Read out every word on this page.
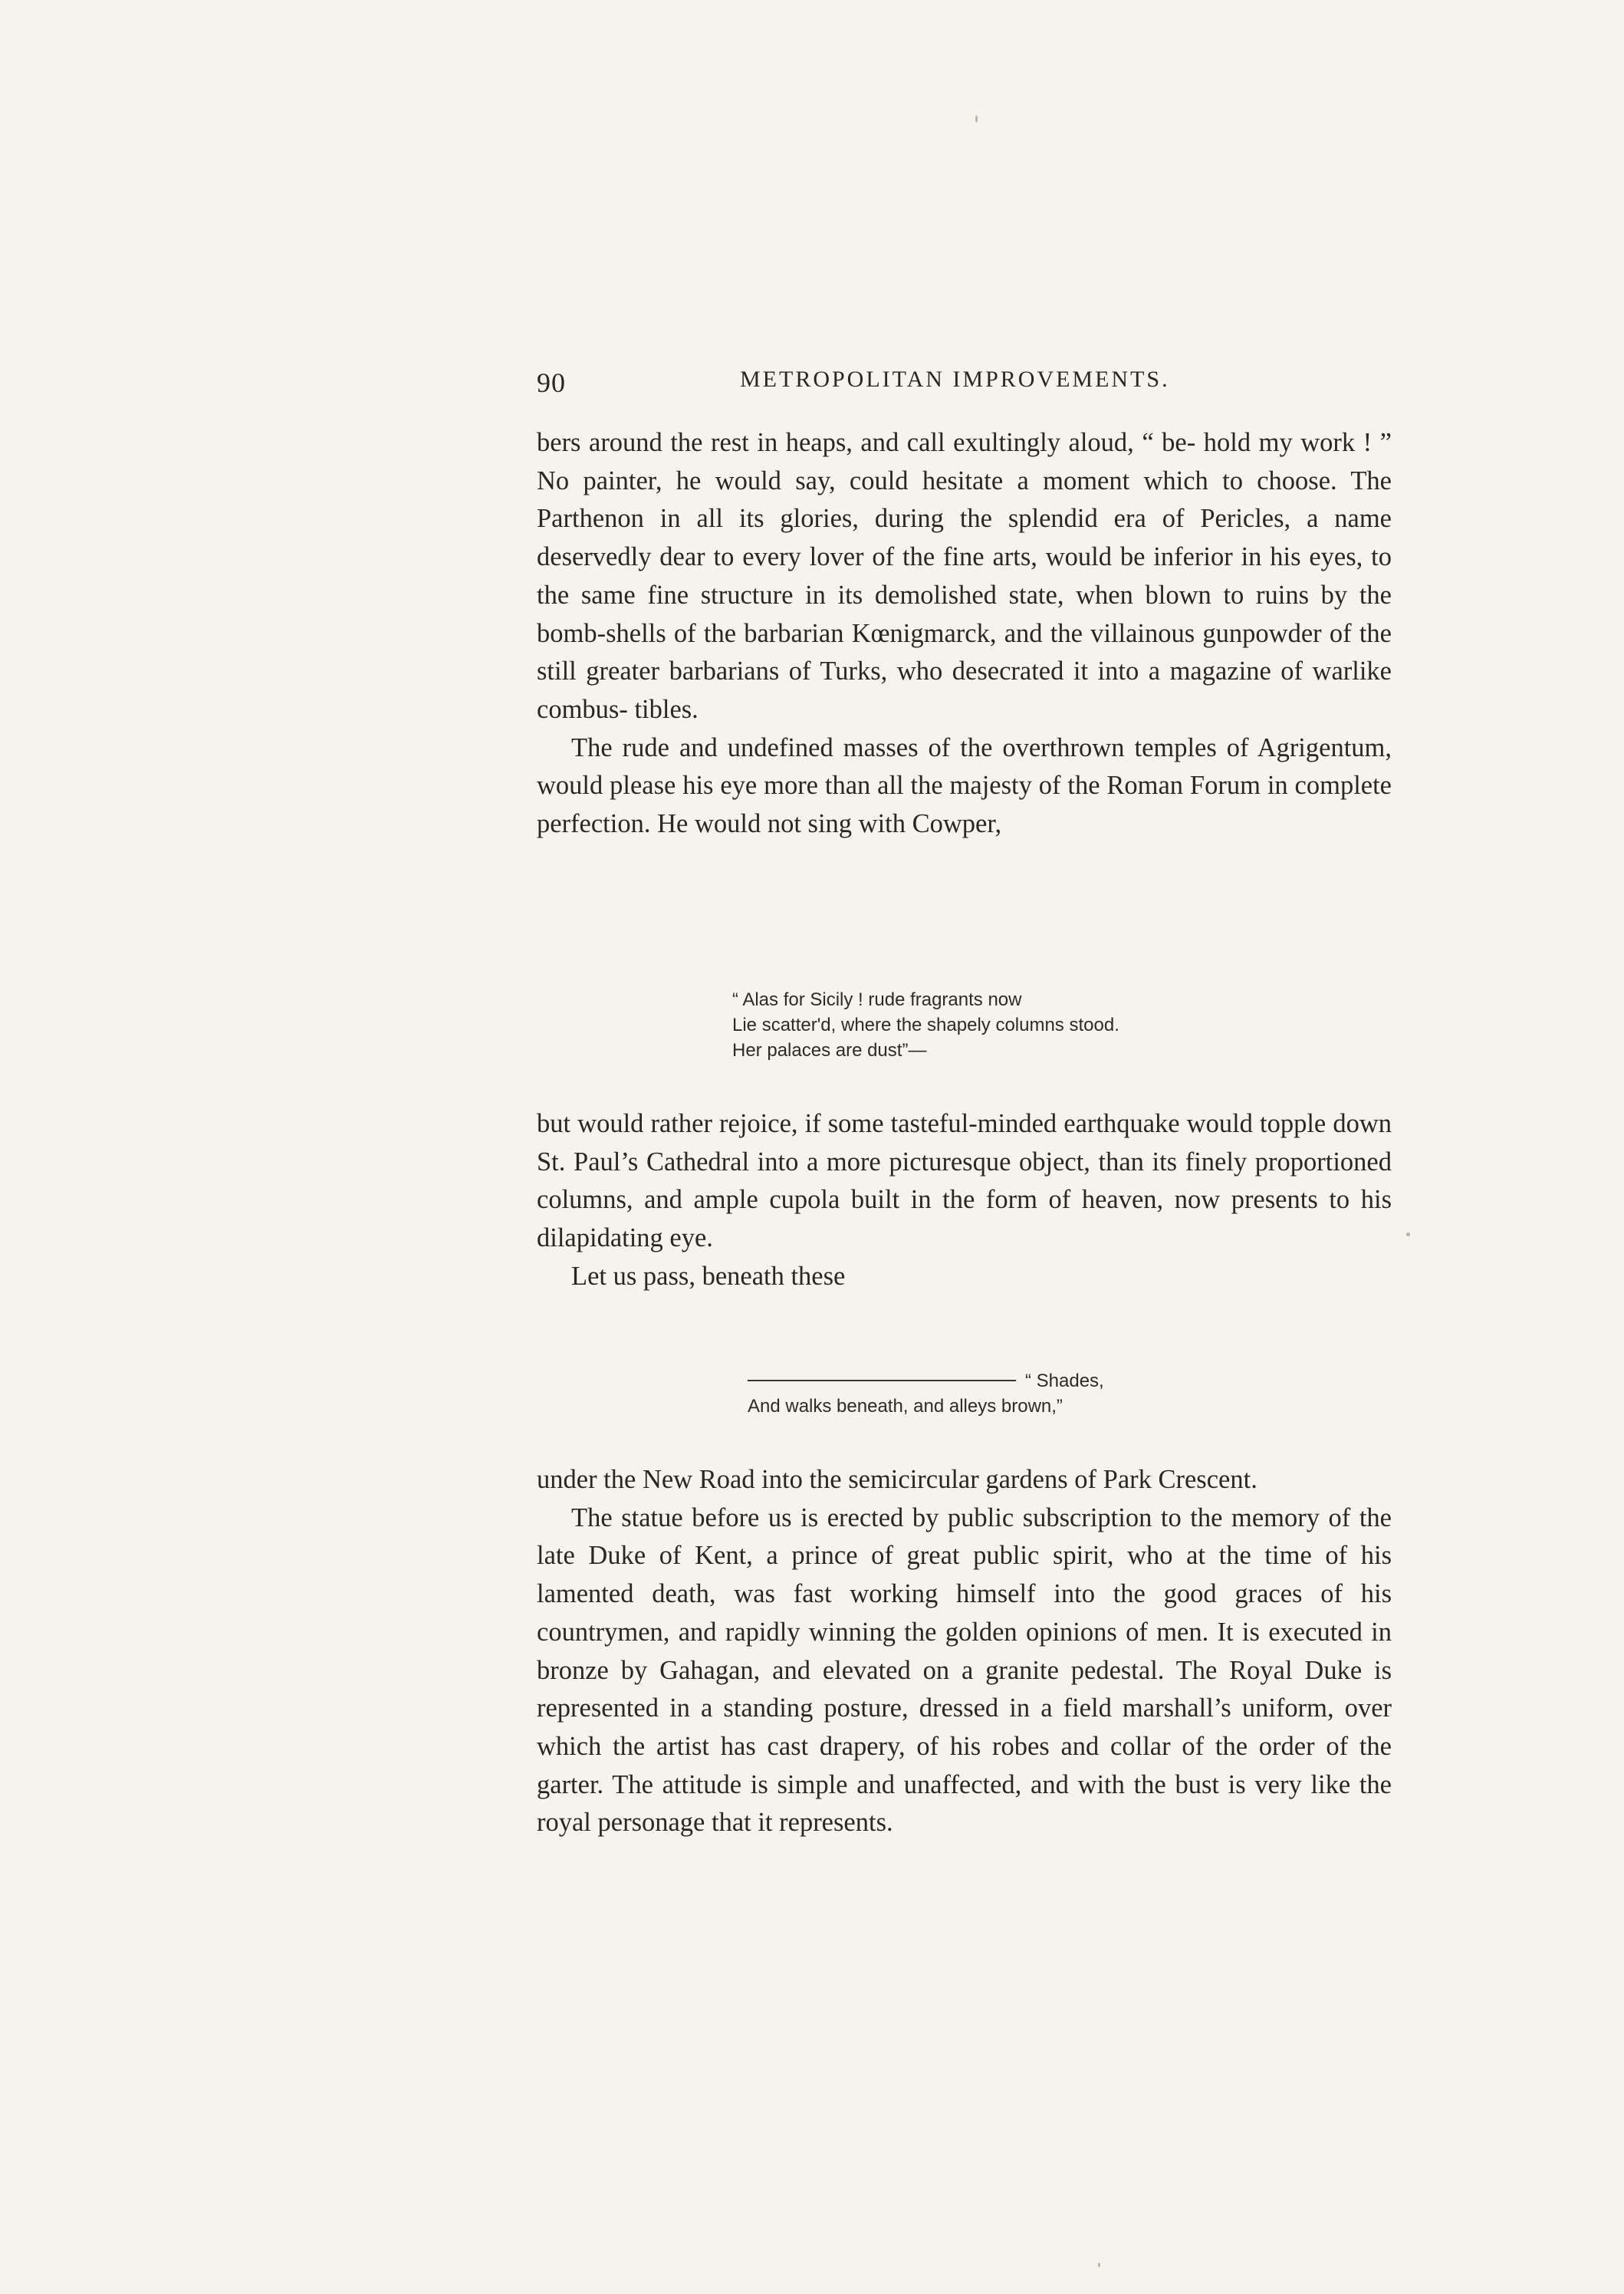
90	METROPOLITAN IMPROVEMENTS.

bers around the rest in heaps, and call exultingly aloud, “ be- hold my work ! ” No painter, he would say, could hesitate a moment which to choose. The Parthenon in all its glories, during the splendid era of Pericles, a name deservedly dear to every lover of the fine arts, would be inferior in his eyes, to the same fine structure in its demolished state, when blown to ruins by the bomb-shells of the barbarian Kœnigmarck, and the villainous gunpowder of the still greater barbarians of Turks, who desecrated it into a magazine of warlike combus- tibles.

The rude and undefined masses of the overthrown temples of Agrigentum, would please his eye more than all the majesty of the Roman Forum in complete perfection. He would not sing with Cowper,

“ Alas for Sicily ! rude fragrants now
Lie scatter'd, where the shapely columns stood.
Her palaces are dust”—

but would rather rejoice, if some tasteful-minded earthquake would topple down St. Paul’s Cathedral into a more picturesque object, than its finely proportioned columns, and ample cupola built in the form of heaven, now presents to his dilapidating eye.

Let us pass, beneath these

“ Shades,
And walks beneath, and alleys brown,”

under the New Road into the semicircular gardens of Park Crescent.

The statue before us is erected by public subscription to the memory of the late Duke of Kent, a prince of great public spirit, who at the time of his lamented death, was fast working himself into the good graces of his countrymen, and rapidly winning the golden opinions of men. It is executed in bronze by Gahagan, and elevated on a granite pedestal. The Royal Duke is represented in a standing posture, dressed in a field marshall’s uniform, over which the artist has cast drapery, of his robes and collar of the order of the garter. The attitude is simple and unaffected, and with the bust is very like the royal personage that it represents.
